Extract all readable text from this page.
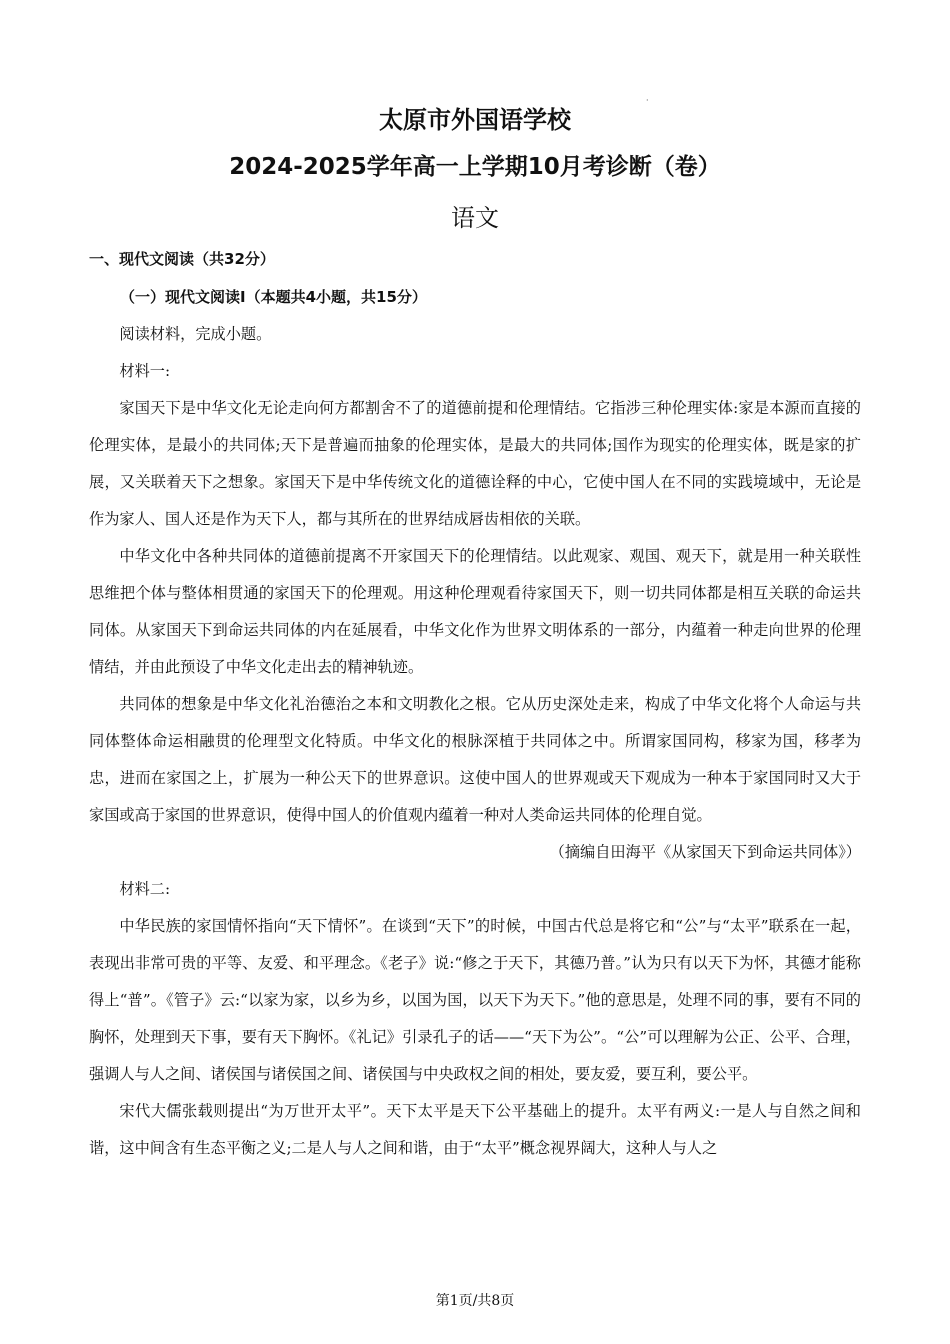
·
太原市外国语学校
2024-2025学年高一上学期10月考诊断（卷）
语文
一、现代文阅读（共32分）
（一）现代文阅读Ⅰ（本题共4小题，共15分）

阅读材料，完成小题。

材料一:

家国天下是中华文化无论走向何方都割舍不了的道德前提和伦理情结。它指涉三种伦理实体:家是本源而直接的伦理实体，是最小的共同体;天下是普遍而抽象的伦理实体，是最大的共同体;国作为现实的伦理实体，既是家的扩展，又关联着天下之想象。家国天下是中华传统文化的道德诠释的中心，它使中国人在不同的实践境域中，无论是作为家人、国人还是作为天下人，都与其所在的世界结成唇齿相依的关联。

中华文化中各种共同体的道德前提离不开家国天下的伦理情结。以此观家、观国、观天下，就是用一种关联性思维把个体与整体相贯通的家国天下的伦理观。用这种伦理观看待家国天下，则一切共同体都是相互关联的命运共同体。从家国天下到命运共同体的内在延展看，中华文化作为世界文明体系的一部分，内蕴着一种走向世界的伦理情结，并由此预设了中华文化走出去的精神轨迹。

共同体的想象是中华文化礼治德治之本和文明教化之根。它从历史深处走来，构成了中华文化将个人命运与共同体整体命运相融贯的伦理型文化特质。中华文化的根脉深植于共同体之中。所谓家国同构，移家为国，移孝为忠，进而在家国之上，扩展为一种公天下的世界意识。这使中国人的世界观或天下观成为一种本于家国同时又大于家国或高于家国的世界意识，使得中国人的价值观内蕴着一种对人类命运共同体的伦理自觉。

（摘编自田海平《从家国天下到命运共同体》）

材料二:

中华民族的家国情怀指向“天下情怀”。在谈到“天下”的时候，中国古代总是将它和“公”与“太平”联系在一起，表现出非常可贵的平等、友爱、和平理念。《老子》说:“修之于天下，其德乃普。”认为只有以天下为怀，其德才能称得上“普”。《管子》云:“以家为家，以乡为乡，以国为国，以天下为天下。”他的意思是，处理不同的事，要有不同的胸怀，处理到天下事，要有天下胸怀。《礼记》引录孔子的话——“天下为公”。“公”可以理解为公正、公平、合理，强调人与人之间、诸侯国与诸侯国之间、诸侯国与中央政权之间的相处，要友爱，要互利，要公平。

宋代大儒张载则提出“为万世开太平”。天下太平是天下公平基础上的提升。太平有两义:一是人与自然之间和谐，这中间含有生态平衡之义;二是人与人之间和谐，由于“太平”概念视界阔大，这种人与人之

第1页/共8页
